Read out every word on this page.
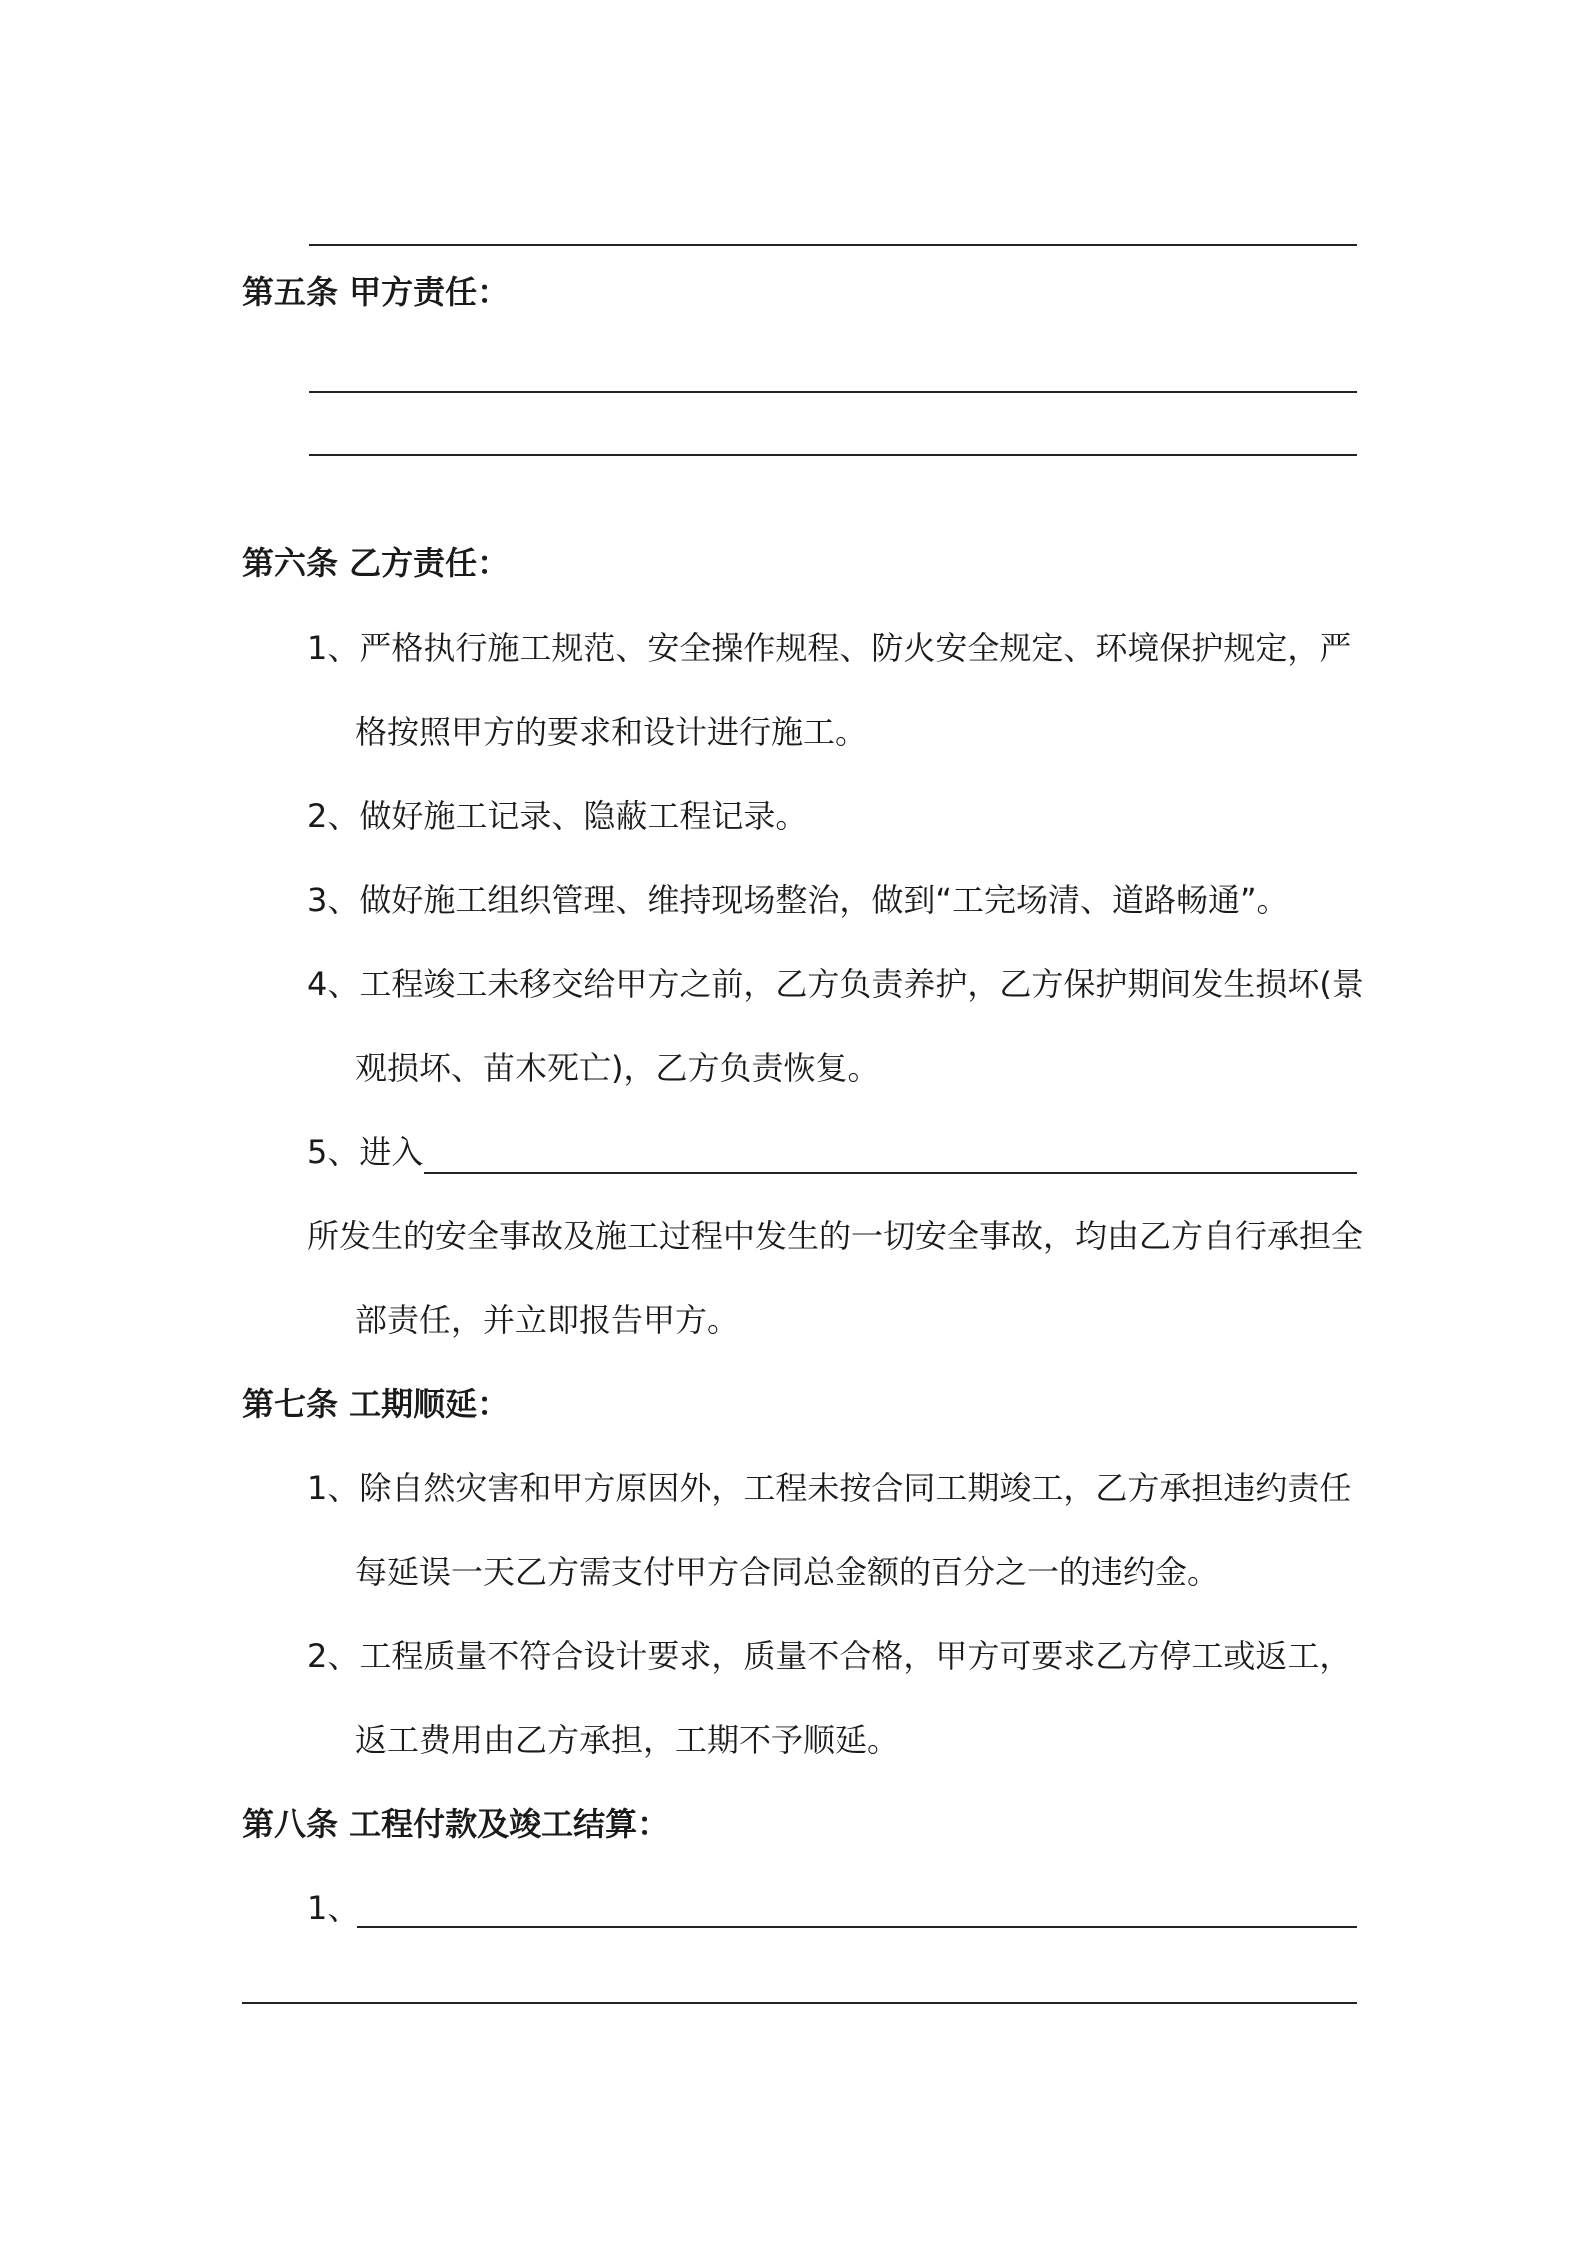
第五条 甲方责任：
第六条 乙方责任：
1、严格执行施工规范、安全操作规程、防火安全规定、环境保护规定，严
格按照甲方的要求和设计进行施工。
2、做好施工记录、隐蔽工程记录。
3、做好施工组织管理、维持现场整治，做到“工完场清、道路畅通”。
4、工程竣工未移交给甲方之前，乙方负责养护，乙方保护期间发生损坏(景
观损坏、苗木死亡)，乙方负责恢复。
5、进入
所发生的安全事故及施工过程中发生的一切安全事故，均由乙方自行承担全
部责任，并立即报告甲方。
第七条 工期顺延：
1、除自然灾害和甲方原因外，工程未按合同工期竣工，乙方承担违约责任
每延误一天乙方需支付甲方合同总金额的百分之一的违约金。
2、工程质量不符合设计要求，质量不合格，甲方可要求乙方停工或返工，
返工费用由乙方承担，工期不予顺延。
第八条 工程付款及竣工结算：
1、
